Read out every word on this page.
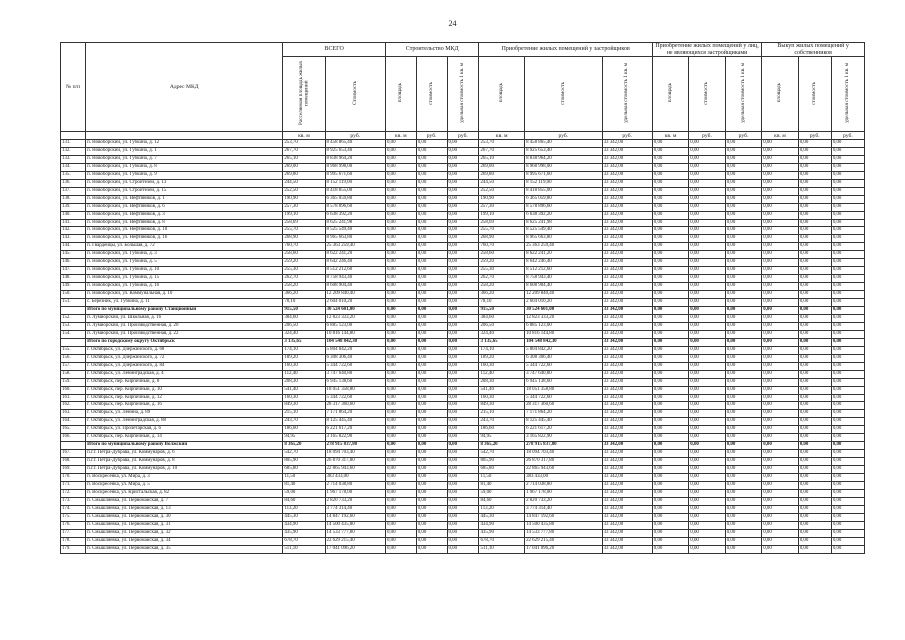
24
№ п/п	Адрес МКД	ВСЕГО		Строительство МКД			Приобретение жилых помещений у застройщиков			Приобретение жилых помещений у лиц, не являющихся застройщиками			Выкуп жилых помещений у собственников		
		Расселяемая площадь жилых помещений	Стоимость	площадь	стоимость	удельная стоимость 1 кв. м	площадь	стоимость	удельная стоимость 1 кв. м	площадь	стоимость	удельная стоимость 1 кв. м	площадь	стоимость	удельная стоимость 1 кв. м
		кв. м	руб.	кв. м	руб.	руб.	кв. м	руб.	руб.	кв. м	руб.	руб.	кв. м	руб.	руб.
131.	п. Новоборский, ул. Губкина, д. 12	253,70	8 458 865,40	0,00	0,00	0,00	253,70	8 458 865,40	33 342,00	0,00	0,00	0,00	0,00	0,00	0,00
132.	п. Новоборский, ул. Губкина, д. 1	267,70	8 925 653,40	0,00	0,00	0,00	267,70	8 925 653,40	33 342,00	0,00	0,00	0,00	0,00	0,00	0,00
133.	п. Новоборский, ул. Губкина, д. 7	265,10	8 838 964,20	0,00	0,00	0,00	265,10	8 838 964,20	33 342,00	0,00	0,00	0,00	0,00	0,00	0,00
134.	п. Новоборский, ул. Губкина, д. 8	269,00	8 968 998,00	0,00	0,00	0,00	269,00	8 968 998,00	33 342,00	0,00	0,00	0,00	0,00	0,00	0,00
135.	п. Новоборский, ул. Губкина, д. 9	269,80	8 995 671,60	0,00	0,00	0,00	269,80	8 995 671,60	33 342,00	0,00	0,00	0,00	0,00	0,00	0,00
136.	п. Новоборский, ул. Строителей, д. 13	244,50	8 152 119,00	0,00	0,00	0,00	244,50	8 152 119,00	33 342,00	0,00	0,00	0,00	0,00	0,00	0,00
137.	п. Новоборский, ул. Строителей, д. 15	252,50	8 418 855,00	0,00	0,00	0,00	252,50	8 418 855,00	33 342,00	0,00	0,00	0,00	0,00	0,00	0,00
138.	п. Новоборский, ул. Нефтяников, д. 1	190,90	6 365 059,80	0,00	0,00	0,00	190,90	6 365 059,80	33 342,00	0,00	0,00	0,00	0,00	0,00	0,00
139.	п. Новоборский, ул. Нефтяников, д. 6	257,30	8 578 896,60	0,00	0,00	0,00	257,30	8 578 896,60	33 342,00	0,00	0,00	0,00	0,00	0,00	0,00
140.	п. Новоборский, ул. Нефтяников, д. 3	199,10	6 638 392,20	0,00	0,00	0,00	199,10	6 638 392,20	33 342,00	0,00	0,00	0,00	0,00	0,00	0,00
141.	п. Новоборский, ул. Нефтяников, д. 8	258,69	8 625 241,98	0,00	0,00	0,00	258,69	8 625 241,98	33 342,00	0,00	0,00	0,00	0,00	0,00	0,00
142.	п. Новоборский, ул. Нефтяников, д. 10	255,70	8 525 549,40	0,00	0,00	0,00	255,70	8 525 549,40	33 342,00	0,00	0,00	0,00	0,00	0,00	0,00
143.	п. Новоборский, ул. Нефтяников, д. 16	268,90	8 965 663,80	0,00	0,00	0,00	268,90	8 965 663,80	33 342,00	0,00	0,00	0,00	0,00	0,00	0,00
144.	п. Гвардейцы, ул. Большая, д. 72	760,70	25 363 259,40	0,00	0,00	0,00	760,70	25 363 259,40	33 342,00	0,00	0,00	0,00	0,00	0,00	0,00
145.	п. Новоборский, ул. Губкина, д. 3	258,60	8 622 241,20	0,00	0,00	0,00	258,60	8 622 241,20	33 342,00	0,00	0,00	0,00	0,00	0,00	0,00
146.	п. Новоборский, ул. Губкина, д. 5	259,20	8 642 246,40	0,00	0,00	0,00	259,20	8 642 246,40	33 342,00	0,00	0,00	0,00	0,00	0,00	0,00
147.	п. Новоборский, ул. Губкина, д. 10	255,30	8 512 212,60	0,00	0,00	0,00	255,30	8 512 212,60	33 342,00	0,00	0,00	0,00	0,00	0,00	0,00
148.	п. Новоборский, ул. Губкина, д. 15	262,70	8 758 943,40	0,00	0,00	0,00	262,70	8 758 943,40	33 342,00	0,00	0,00	0,00	0,00	0,00	0,00
149.	п. Новоборский, ул. Губкина, д. 16	258,20	8 608 904,40	0,00	0,00	0,00	258,20	8 608 904,40	33 342,00	0,00	0,00	0,00	0,00	0,00	0,00
150.	п. Новоборский, ул. Коммунальная, д. 10	366,20	12 209 840,40	0,00	0,00	0,00	366,20	12 209 840,40	33 342,00	0,00	0,00	0,00	0,00	0,00	0,00
151.	с. Березник, ул. Губкина, д. 11	78,10	2 604 010,20	0,00	0,00	0,00	78,10	2 604 010,20	33 342,00	0,00	0,00	0,00	0,00	0,00	0,00
	Итого по муниципальному району Станционный	915,50	30 524 601,00	0,00	0,00	0,00	915,50	30 524 601,00	33 342,00	0,00	0,00	0,00	0,00	0,00	0,00
152.	п. Лумиорский, ул. Школьная, д. 16	384,60	12 823 333,20	0,00	0,00	0,00	384,60	12 823 333,20	33 342,00	0,00	0,00	0,00	0,00	0,00	0,00
153.	п. Лумиорский, ул. Производственная, д. 20	206,50	6 885 123,00	0,00	0,00	0,00	206,50	6 885 123,00	33 342,00	0,00	0,00	0,00	0,00	0,00	0,00
154.	п. Лумиорский, ул. Производственная, д. 22	324,40	10 816 144,80	0,00	0,00	0,00	324,40	10 816 144,80	33 342,00	0,00	0,00	0,00	0,00	0,00	0,00
	Итого по городскому округу Октябрьск	3 135,65	104 548 842,30	0,00	0,00	0,00	3 135,65	104 548 842,30	33 342,00	0,00	0,00	0,00	0,00	0,00	0,00
155.	г. Октябрьск, ул. Дзержинского, д. 68	174,10	5 804 842,20	0,00	0,00	0,00	174,10	5 804 842,20	33 342,00	0,00	0,00	0,00	0,00	0,00	0,00
156.	г. Октябрьск, ул. Дзержинского, д. 72	189,20	6 308 306,40	0,00	0,00	0,00	189,20	6 308 306,40	33 342,00	0,00	0,00	0,00	0,00	0,00	0,00
157.	г. Октябрьск, ул. Дзержинского, д. 84	160,30	5 344 722,60	0,00	0,00	0,00	160,30	5 344 722,60	33 342,00	0,00	0,00	0,00	0,00	0,00	0,00
158.	г. Октябрьск, ул. Ленинградская, д. 4	112,40	3 747 640,80	0,00	0,00	0,00	112,40	3 747 640,80	33 342,00	0,00	0,00	0,00	0,00	0,00	0,00
159.	г. Октябрьск, пер. Кирпичный, д. 8	208,30	6 945 138,60	0,00	0,00	0,00	208,30	6 945 138,60	33 342,00	0,00	0,00	0,00	0,00	0,00	0,00
160.	г. Октябрьск, пер. Кирпичный, д. 10	541,40	18 051 358,80	0,00	0,00	0,00	541,40	18 051 358,80	33 342,00	0,00	0,00	0,00	0,00	0,00	0,00
161.	г. Октябрьск, пер. Кирпичный, д. 12	160,30	5 344 722,60	0,00	0,00	0,00	160,30	5 344 722,60	33 342,00	0,00	0,00	0,00	0,00	0,00	0,00
162.	г. Октябрьск, пер. Кирпичный, д. 16	849,30	28 317 360,60	0,00	0,00	0,00	849,30	28 317 360,60	33 342,00	0,00	0,00	0,00	0,00	0,00	0,00
163.	г. Октябрьск, ул. Ленина, д. 89	215,10	7 171 864,20	0,00	0,00	0,00	215,10	7 171 864,20	33 342,00	0,00	0,00	0,00	0,00	0,00	0,00
164.	г. Октябрьск, ул. Ленинградская, д. 88	243,70	8 125 445,40	0,00	0,00	0,00	243,70	8 125 445,40	33 342,00	0,00	0,00	0,00	0,00	0,00	0,00
165.	г. Октябрьск, ул. Пролетарская, д. 6	186,60	6 221 617,20	0,00	0,00	0,00	186,60	6 221 617,20	33 342,00	0,00	0,00	0,00	0,00	0,00	0,00
166.	г. Октябрьск, пер. Кирпичный, д. 14	94,95	3 165 822,90	0,00	0,00	0,00	94,95	3 165 822,90	33 342,00	0,00	0,00	0,00	0,00	0,00	0,00
	Итого по муниципальному району Волжский	8 365,20	278 915 837,80	0,00	0,00	0,00	8 365,20	278 915 837,80	33 342,00	0,00	0,00	0,00	0,00	0,00	0,00
167.	п.г.т. Петра-Дубрава, ул. Коммунаров, д. 6	542,70	18 094 703,40	0,00	0,00	0,00	542,70	18 094 703,40	33 342,00	0,00	0,00	0,00	0,00	0,00	0,00
168.	п.г.т. Петра-Дубрава, ул. Коммунаров, д. 8	805,90	26 870 317,80	0,00	0,00	0,00	805,90	26 870 317,80	33 342,00	0,00	0,00	0,00	0,00	0,00	0,00
169.	п.г.т. Петра-Дубрава, ул. Коммунаров, д. 10	685,80	22 865 943,60	0,00	0,00	0,00	685,80	22 865 943,60	33 342,00	0,00	0,00	0,00	0,00	0,00	0,00
170.	п. Воскресенка, ул. Мира, д. 3	11,50	383 433,00	0,00	0,00	0,00	11,50	383 433,00	33 342,00	0,00	0,00	0,00	0,00	0,00	0,00
171.	п. Воскресенка, ул. Мира, д. 5	81,40	2 714 038,80	0,00	0,00	0,00	81,40	2 714 038,80	33 342,00	0,00	0,00	0,00	0,00	0,00	0,00
172.	п. Воскресенка, ул. Кристальская, д. 82	59,00	1 967 178,00	0,00	0,00	0,00	59,00	1 967 178,00	33 342,00	0,00	0,00	0,00	0,00	0,00	0,00
173.	п. Смышляевка, ул. Первомайская, д. 7	84,60	2 820 733,20	0,00	0,00	0,00	84,60	2 820 733,20	33 342,00	0,00	0,00	0,00	0,00	0,00	0,00
174.	п. Смышляевка, ул. Первомайская, д. 13	113,20	3 774 314,40	0,00	0,00	0,00	113,20	3 774 314,40	33 342,00	0,00	0,00	0,00	0,00	0,00	0,00
175.	п. Смышляевка, ул. Первомайская, д. 30	445,30	14 847 192,60	0,00	0,00	0,00	445,30	14 847 192,60	33 342,00	0,00	0,00	0,00	0,00	0,00	0,00
176.	п. Смышляевка, ул. Первомайская, д. 31	434,90	14 500 435,80	0,00	0,00	0,00	434,90	14 500 435,80	33 342,00	0,00	0,00	0,00	0,00	0,00	0,00
177.	п. Смышляевка, ул. Первомайская, д. 32	435,90	14 533 777,80	0,00	0,00	0,00	435,90	14 533 777,80	33 342,00	0,00	0,00	0,00	0,00	0,00	0,00
178.	п. Смышляевка, ул. Первомайская, д. 34	678,70	22 629 215,40	0,00	0,00	0,00	678,70	22 629 215,40	33 342,00	0,00	0,00	0,00	0,00	0,00	0,00
179.	п. Смышляевка, ул. Первомайская, д. 35	511,10	17 041 096,20	0,00	0,00	0,00	511,10	17 041 096,20	33 342,00	0,00	0,00	0,00	0,00	0,00	0,00
